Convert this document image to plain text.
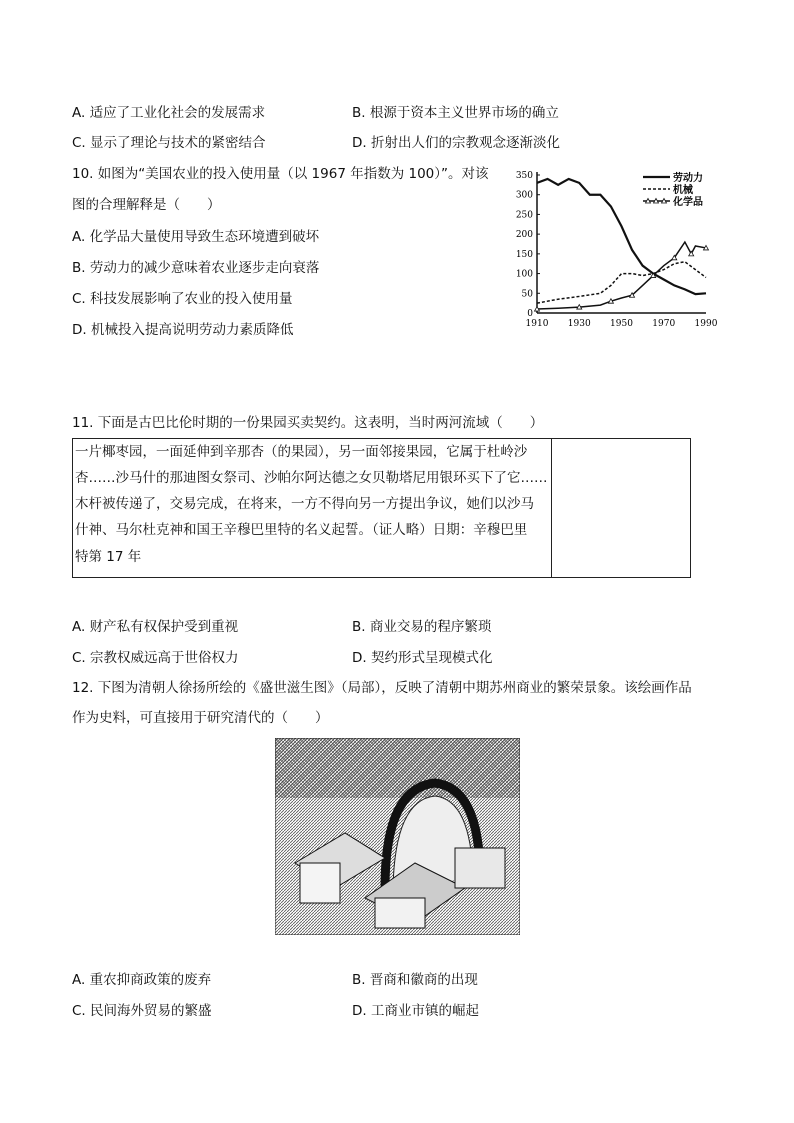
A. 适应了工业化社会的发展需求	B. 根源于资本主义世界市场的确立
C. 显示了理论与技术的紧密结合	D. 折射出人们的宗教观念逐渐淡化
10. 如图为“美国农业的投入使用量（以 1967 年指数为 100）”。对该
图的合理解释是（　　）
A. 化学品大量使用导致生态环境遭到破坏
B. 劳动力的减少意味着农业逐步走向衰落
C. 科技发展影响了农业的投入使用量
D. 机械投入提高说明劳动力素质降低
0
50
100
150
200
250
300
350
1910 1930 1950 1970 1990
劳动力
机械
化学品
11. 下面是古巴比伦时期的一份果园买卖契约。这表明，当时两河流域（　　）
一片椰枣园，一面延伸到辛那杏（的果园），另一面邻接果园，它属于杜岭沙
杏……沙马什的那迪图女祭司、沙帕尔阿达德之女贝勒塔尼用银环买下了它……
木杆被传递了，交易完成，在将来，一方不得向另一方提出争议，她们以沙马
什神、马尔杜克神和国王辛穆巴里特的名义起誓。（证人略）日期：辛穆巴里
特第 17 年
A. 财产私有权保护受到重视	B. 商业交易的程序繁琐
C. 宗教权威远高于世俗权力	D. 契约形式呈现模式化
12. 下图为清朝人徐扬所绘的《盛世滋生图》（局部），反映了清朝中期苏州商业的繁荣景象。该绘画作品
作为史料，可直接用于研究清代的（　　）
A. 重农抑商政策的废弃	B. 晋商和徽商的出现
C. 民间海外贸易的繁盛	D. 工商业市镇的崛起
